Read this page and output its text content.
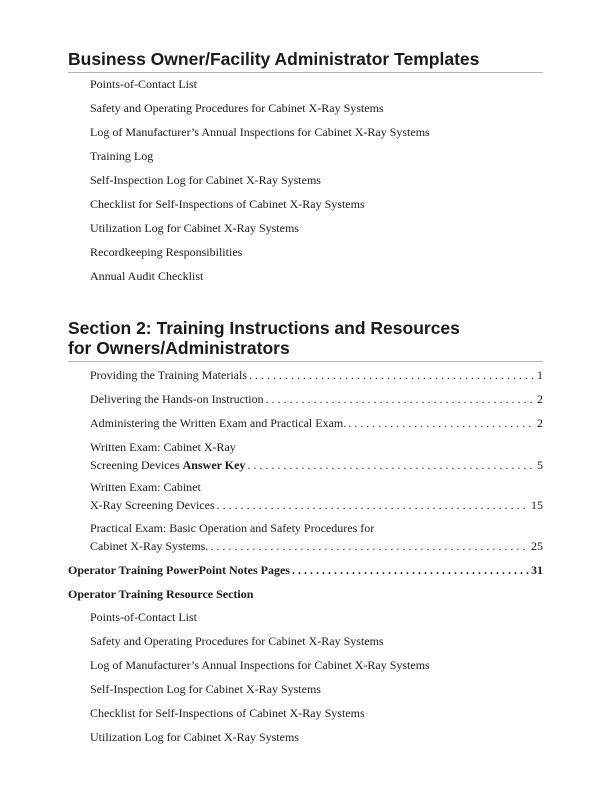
Business Owner/Facility Administrator Templates
Points-of-Contact List
Safety and Operating Procedures for Cabinet X-Ray Systems
Log of Manufacturer’s Annual Inspections for Cabinet X-Ray Systems
Training Log
Self-Inspection Log for Cabinet X-Ray Systems
Checklist for Self-Inspections of Cabinet X-Ray Systems
Utilization Log for Cabinet X-Ray Systems
Recordkeeping Responsibilities
Annual Audit Checklist
Section 2: Training Instructions and Resources
for Owners/Administrators
Providing the Training Materials . . .	1
Delivering the Hands-on Instruction . . .	2
Administering the Written Exam and Practical Exam. . . .	2
Written Exam: Cabinet X-Ray
Screening Devices Answer Key . . .	5
Written Exam: Cabinet
X-Ray Screening Devices . . .	15
Practical Exam: Basic Operation and Safety Procedures for
Cabinet X-Ray Systems. . . .	25
Operator Training PowerPoint Notes Pages . . .	31
Operator Training Resource Section
Points-of-Contact List
Safety and Operating Procedures for Cabinet X-Ray Systems
Log of Manufacturer’s Annual Inspections for Cabinet X-Ray Systems
Self-Inspection Log for Cabinet X-Ray Systems
Checklist for Self-Inspections of Cabinet X-Ray Systems
Utilization Log for Cabinet X-Ray Systems
